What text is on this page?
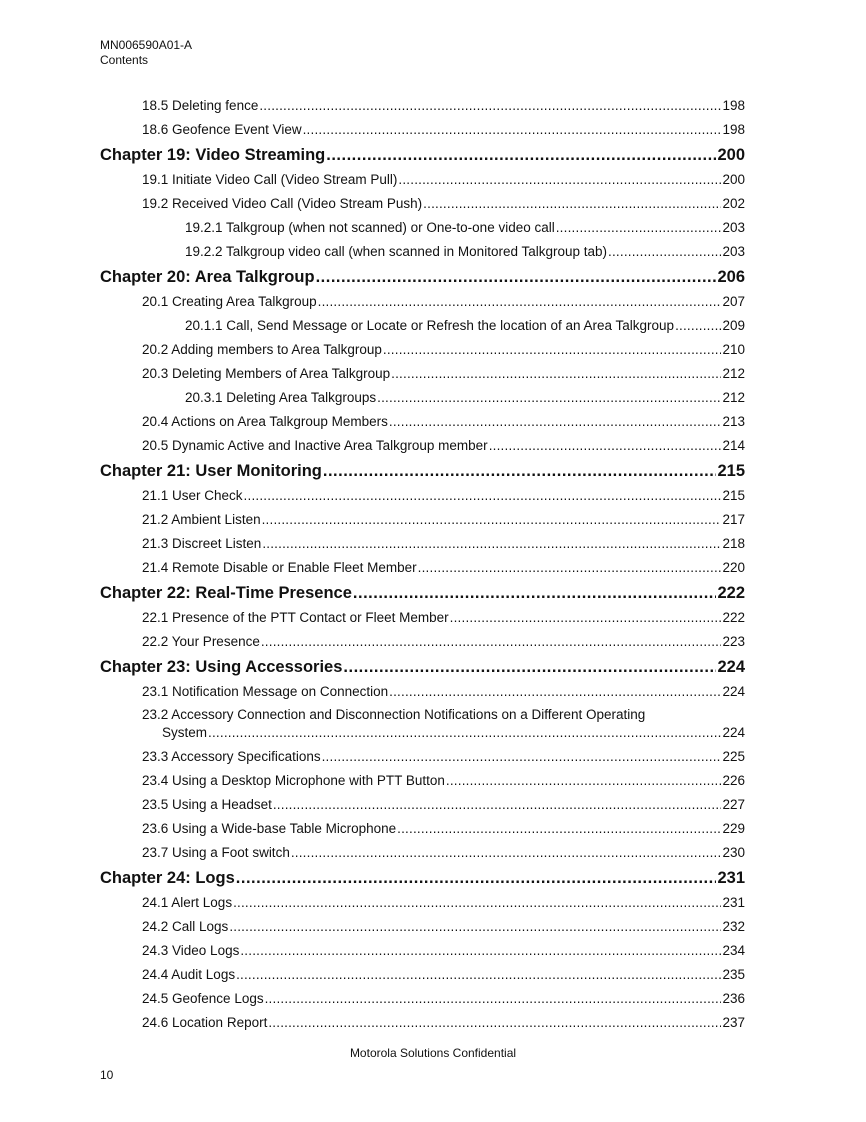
MN006590A01-A
Contents
18.5 Deleting fence .....	198
18.6 Geofence Event View .....	198
Chapter 19: Video Streaming .....	200
19.1 Initiate Video Call (Video Stream Pull) .....	200
19.2 Received Video Call (Video Stream Push) .....	202
19.2.1 Talkgroup (when not scanned) or One-to-one video call .....	203
19.2.2 Talkgroup video call (when scanned in Monitored Talkgroup tab) .....	203
Chapter 20: Area Talkgroup .....	206
20.1 Creating Area Talkgroup .....	207
20.1.1 Call, Send Message or Locate or Refresh the location of an Area Talkgroup .....	209
20.2 Adding members to Area Talkgroup .....	210
20.3 Deleting Members of Area Talkgroup .....	212
20.3.1 Deleting Area Talkgroups .....	212
20.4 Actions on Area Talkgroup Members .....	213
20.5 Dynamic Active and Inactive Area Talkgroup member .....	214
Chapter 21: User Monitoring .....	215
21.1 User Check .....	215
21.2 Ambient Listen .....	217
21.3 Discreet Listen .....	218
21.4 Remote Disable or Enable Fleet Member .....	220
Chapter 22: Real-Time Presence .....	222
22.1 Presence of the PTT Contact or Fleet Member .....	222
22.2 Your Presence .....	223
Chapter 23: Using Accessories .....	224
23.1 Notification Message on Connection .....	224
23.2 Accessory Connection and Disconnection Notifications on a Different Operating
System .....	224
23.3 Accessory Specifications .....	225
23.4 Using a Desktop Microphone with PTT Button .....	226
23.5 Using a Headset .....	227
23.6 Using a Wide-base Table Microphone .....	229
23.7 Using a Foot switch .....	230
Chapter 24: Logs .....	231
24.1 Alert Logs .....	231
24.2 Call Logs .....	232
24.3 Video Logs .....	234
24.4 Audit Logs .....	235
24.5 Geofence Logs .....	236
24.6 Location Report .....	237
Motorola Solutions Confidential
10
